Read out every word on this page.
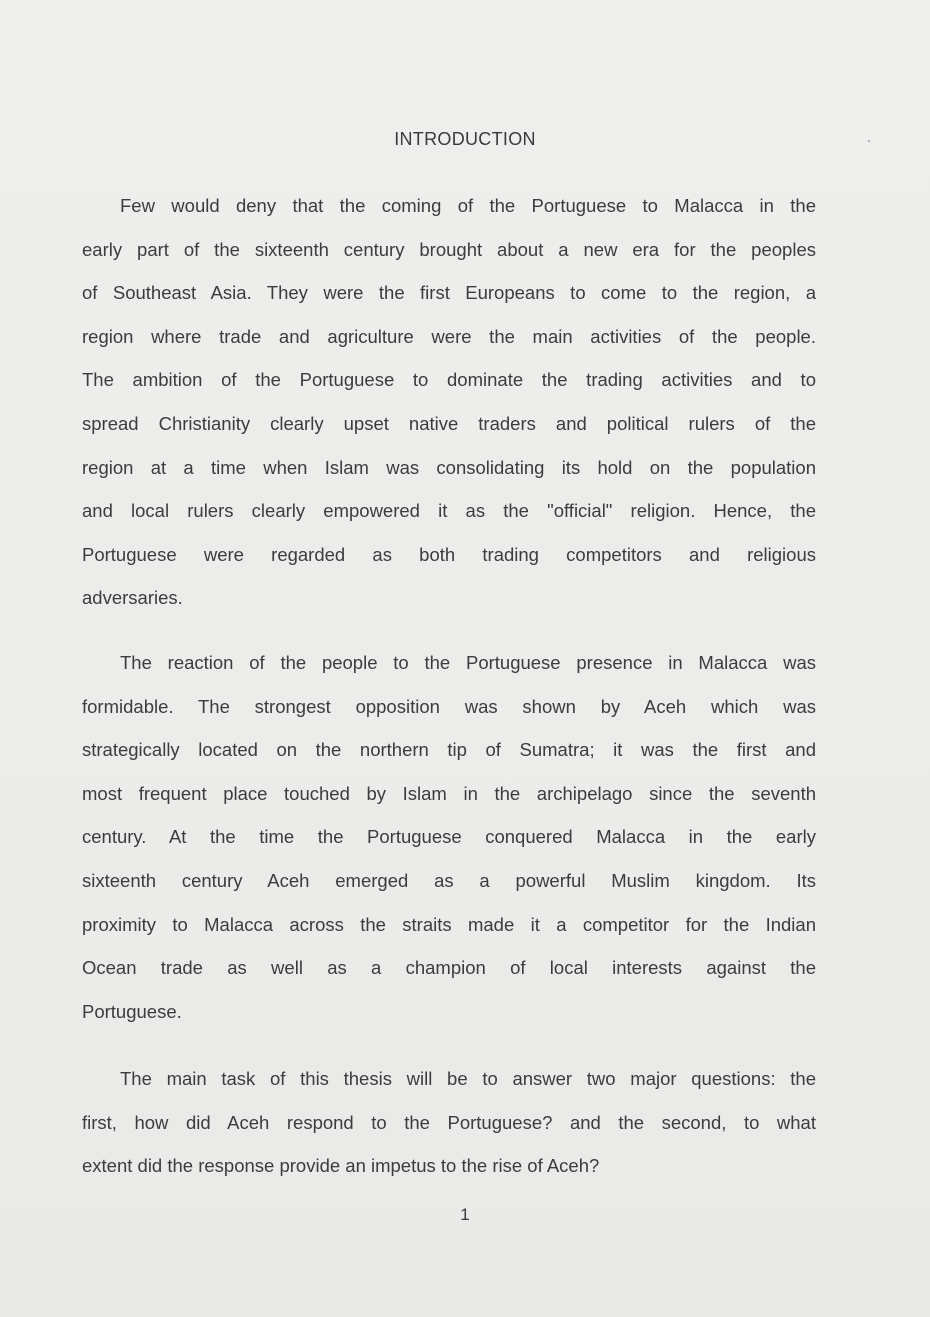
INTRODUCTION
Few would deny that the coming of the Portuguese to Malacca in the
early part of the sixteenth century brought about a new era for the peoples
of Southeast Asia. They were the first Europeans to come to the region, a
region where trade and agriculture were the main activities of the people.
The ambition of the Portuguese to dominate the trading activities and to
spread Christianity clearly upset native traders and political rulers of the
region at a time when Islam was consolidating its hold on the population
and local rulers clearly empowered it as the "official" religion. Hence, the
Portuguese were regarded as both trading competitors and religious
adversaries.
The reaction of the people to the Portuguese presence in Malacca was
formidable. The strongest opposition was shown by Aceh which was
strategically located on the northern tip of Sumatra; it was the first and
most frequent place touched by Islam in the archipelago since the seventh
century. At the time the Portuguese conquered Malacca in the early
sixteenth century Aceh emerged as a powerful Muslim kingdom. Its
proximity to Malacca across the straits made it a competitor for the Indian
Ocean trade as well as a champion of local interests against the
Portuguese.
The main task of this thesis will be to answer two major questions: the
first, how did Aceh respond to the Portuguese? and the second, to what
extent did the response provide an impetus to the rise of Aceh?
1
